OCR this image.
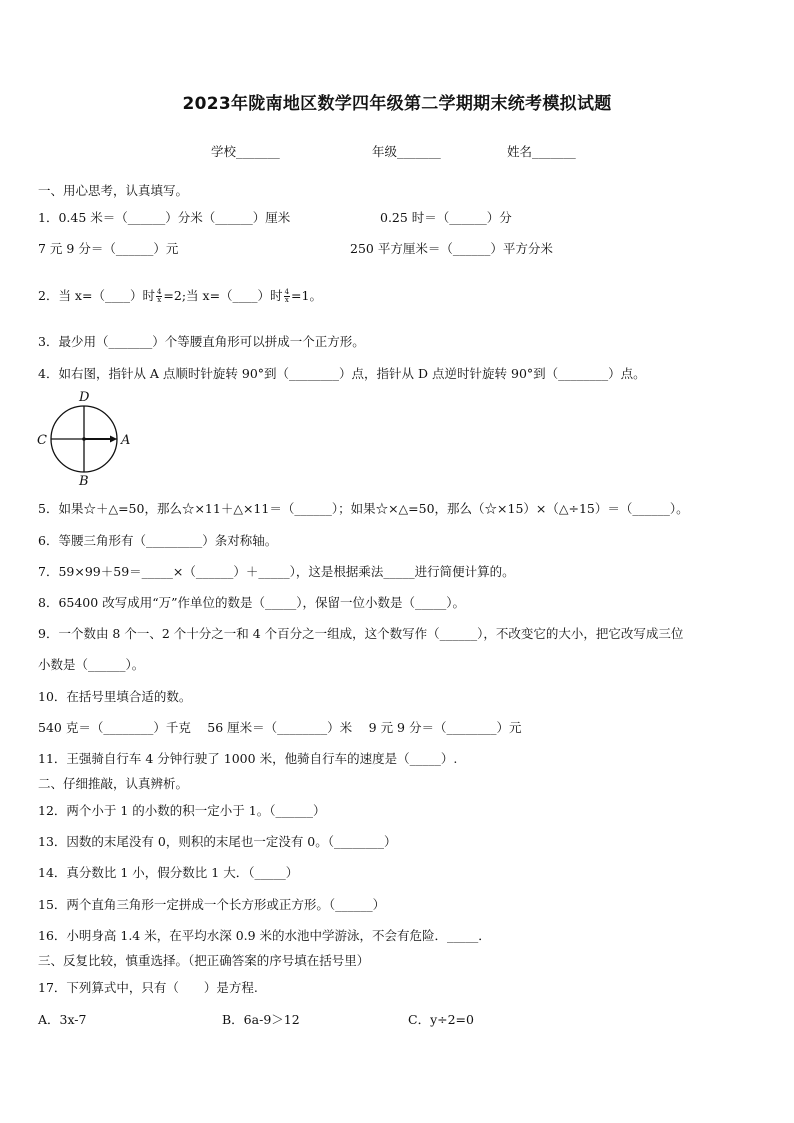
2023年陇南地区数学四年级第二学期期末统考模拟试题
学校_______	年级_______	姓名_______
一、用心思考，认真填写。
1．0.45 米＝（______）分米（______）厘米	0.25 时＝（______）分
7 元 9 分＝（______）元	250 平方厘米＝（______）平方分米
2．当 x=（____）时 $\frac{4}{x} =2$;当 x=（____）时 $\frac{4}{x} =1$。
3．最少用（_______）个等腰直角形可以拼成一个正方形。
4．如右图，指针从 A 点顺时针旋转 90°到（________）点，指针从 D 点逆时针旋转 90°到（________）点。
D
C	A
B
5．如果☆＋△=50，那么☆×11＋△×11＝（______）；如果☆×△=50，那么（☆×15）×（△÷15）＝（______）。
6．等腰三角形有（_________）条对称轴。
7．59×99＋59＝_____×（______）＋_____），这是根据乘法_____进行简便计算的。
8．65400 改写成用“万”作单位的数是（_____），保留一位小数是（_____）。
9．一个数由 8 个一、2 个十分之一和 4 个百分之一组成，这个数写作（______），不改变它的大小，把它改写成三位
小数是（______）。
10．在括号里填合适的数。
540 克＝（________）千克　 56 厘米＝（________）米　 9 元 9 分＝（________）元
11．王强骑自行车 4 分钟行驶了 1000 米，他骑自行车的速度是（_____）.
二、仔细推敲，认真辨析。
12．两个小于 1 的小数的积一定小于 1。（______）
13．因数的末尾没有 0，则积的末尾也一定没有 0。（________）
14．真分数比 1 小，假分数比 1 大．（_____）
15．两个直角三角形一定拼成一个长方形或正方形。（______）
16．小明身高 1.4 米，在平均水深 0.9 米的水池中学游泳，不会有危险．_____．
三、反复比较，慎重选择。（把正确答案的序号填在括号里）
17．下列算式中，只有（　　）是方程.
A．3x-7	B．6a-9＞12	C．y÷2=0
